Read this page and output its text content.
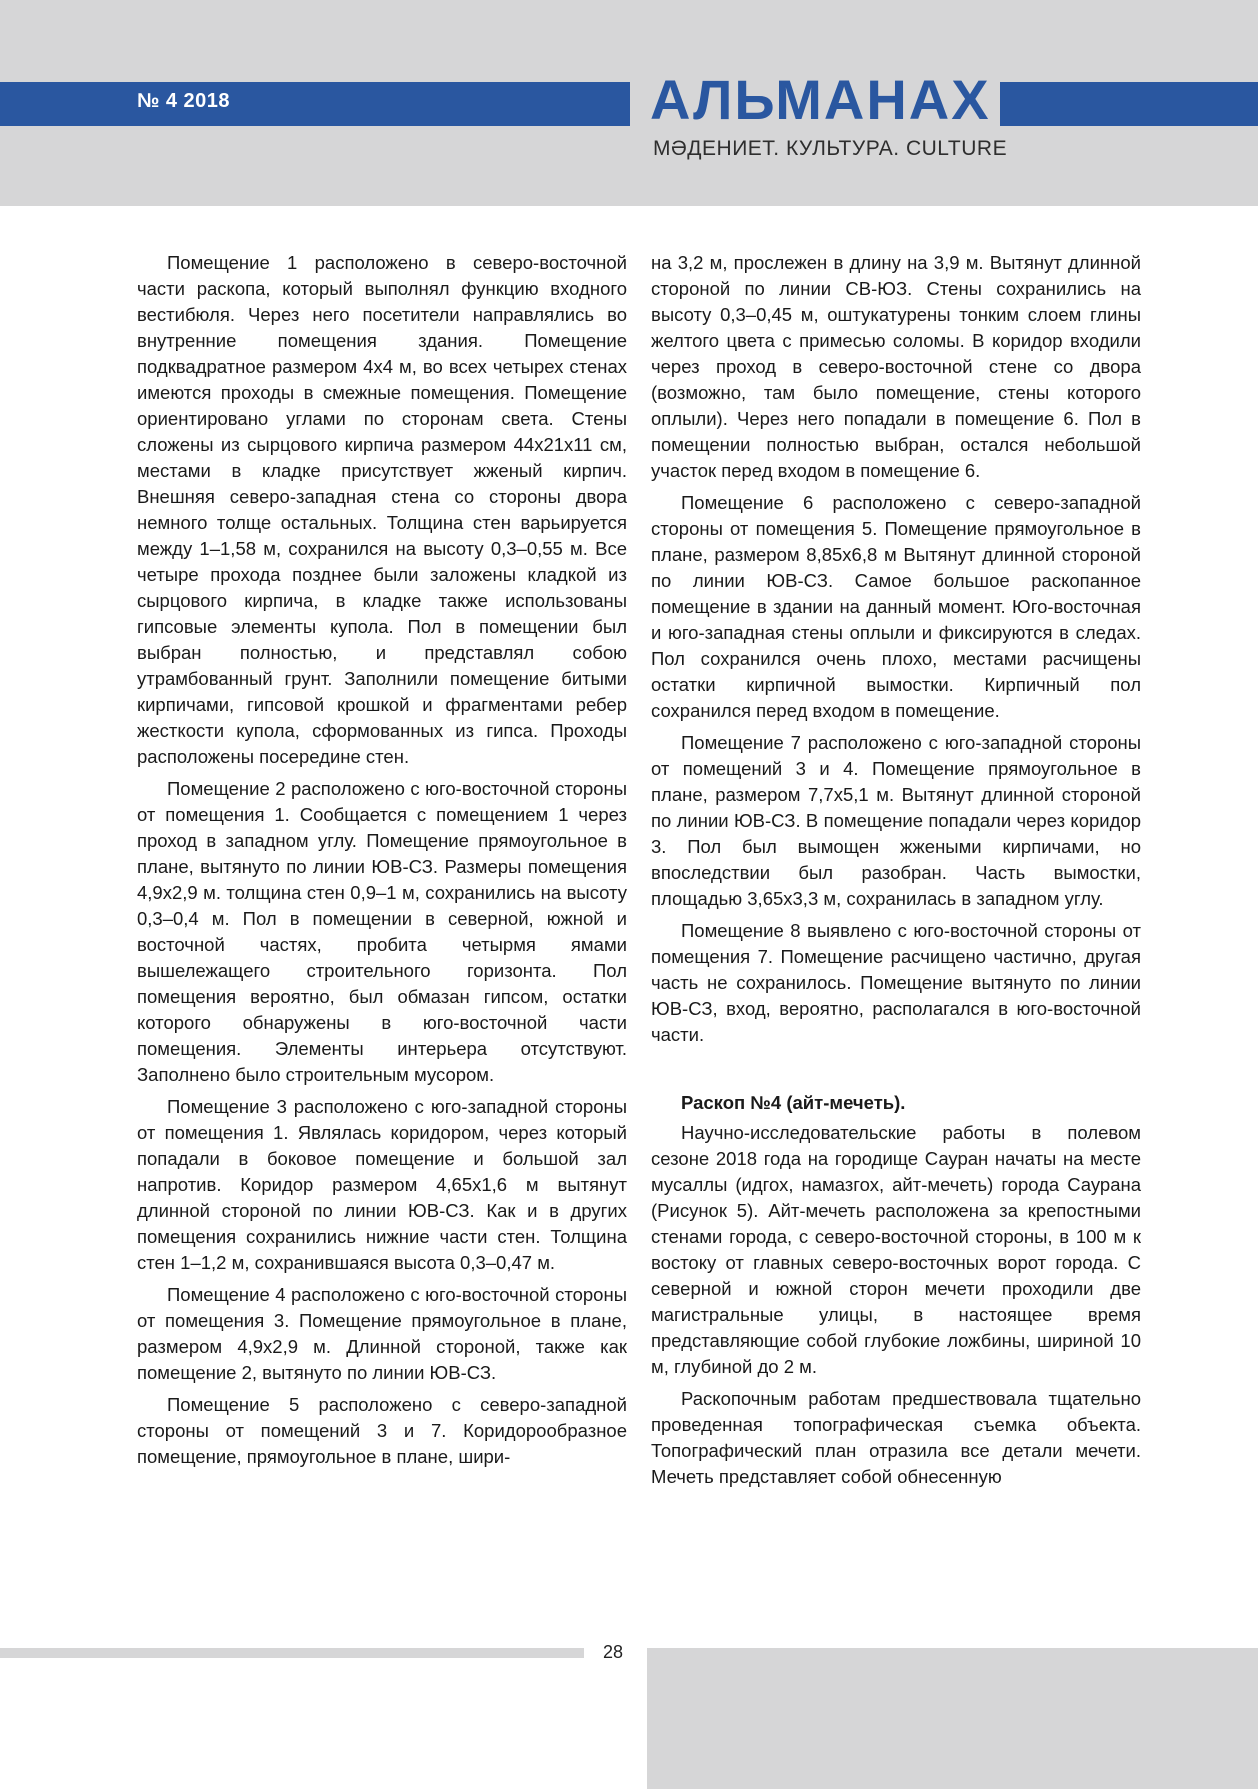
№ 4 2018	АЛЬМАНАХ
МӘДЕНИЕТ. КУЛЬТУРА. CULTURE

Помещение 1 расположено в северо-восточной части раскопа, который выполнял функцию входного вестибюля. Через него посетители направлялись во внутренние помещения здания. Помещение подквадратное размером 4х4 м, во всех четырех стенах имеются проходы в смежные помещения. Помещение ориентировано углами по сторонам света. Стены сложены из сырцового кирпича размером 44х21х11 см, местами в кладке присутствует жженый кирпич. Внешняя северо-западная стена со стороны двора немного толще остальных. Толщина стен варьируется между 1–1,58 м, сохранился на высоту 0,3–0,55 м. Все четыре прохода позднее были заложены кладкой из сырцового кирпича, в кладке также использованы гипсовые элементы купола. Пол в помещении был выбран полностью, и представлял собою утрамбованный грунт. Заполнили помещение битыми кирпичами, гипсовой крошкой и фрагментами ребер жесткости купола, сформованных из гипса. Проходы расположены посередине стен.

Помещение 2 расположено с юго-восточной стороны от помещения 1. Сообщается с помещением 1 через проход в западном углу. Помещение прямоугольное в плане, вытянуто по линии ЮВ-СЗ. Размеры помещения 4,9х2,9 м. толщина стен 0,9–1 м, сохранились на высоту 0,3–0,4 м. Пол в помещении в северной, южной и восточной частях, пробита четырмя ямами вышележащего строительного горизонта. Пол помещения вероятно, был обмазан гипсом, остатки которого обнаружены в юго-восточной части помещения. Элементы интерьера отсутствуют. Заполнено было строительным мусором.

Помещение 3 расположено с юго-западной стороны от помещения 1. Являлась коридором, через который попадали в боковое помещение и большой зал напротив. Коридор размером 4,65х1,6 м вытянут длинной стороной по линии ЮВ-СЗ. Как и в других помещения сохранились нижние части стен. Толщина стен 1–1,2 м, сохранившаяся высота 0,3–0,47 м.

Помещение 4 расположено с юго-восточной стороны от помещения 3. Помещение прямоугольное в плане, размером 4,9х2,9 м. Длинной стороной, также как помещение 2, вытянуто по линии ЮВ-СЗ.

Помещение 5 расположено с северо-западной стороны от помещений 3 и 7. Коридорообразное помещение, прямоугольное в плане, шири-

на 3,2 м, прослежен в длину на 3,9 м. Вытянут длинной стороной по линии СВ-ЮЗ. Стены сохранились на высоту 0,3–0,45 м, оштукатурены тонким слоем глины желтого цвета с примесью соломы. В коридор входили через проход в северо-восточной стене со двора (возможно, там было помещение, стены которого оплыли). Через него попадали в помещение 6. Пол в помещении полностью выбран, остался небольшой участок перед входом в помещение 6.

Помещение 6 расположено с северо-западной стороны от помещения 5. Помещение прямоугольное в плане, размером 8,85х6,8 м Вытянут длинной стороной по линии ЮВ-СЗ. Самое большое раскопанное помещение в здании на данный момент. Юго-восточная и юго-западная стены оплыли и фиксируются в следах. Пол сохранился очень плохо, местами расчищены остатки кирпичной вымостки. Кирпичный пол сохранился перед входом в помещение.

Помещение 7 расположено с юго-западной стороны от помещений 3 и 4. Помещение прямоугольное в плане, размером 7,7х5,1 м. Вытянут длинной стороной по линии ЮВ-СЗ. В помещение попадали через коридор 3. Пол был вымощен жжеными кирпичами, но впоследствии был разобран. Часть вымостки, площадью 3,65х3,3 м, сохранилась в западном углу.

Помещение 8 выявлено с юго-восточной стороны от помещения 7. Помещение расчищено частично, другая часть не сохранилось. Помещение вытянуто по линии ЮВ-СЗ, вход, вероятно, располагался в юго-восточной части.

Раскоп №4 (айт-мечеть).

Научно-исследовательские работы в полевом сезоне 2018 года на городище Сауран начаты на месте мусаллы (идгох, намазгох, айт-мечеть) города Саурана (Рисунок 5). Айт-мечеть расположена за крепостными стенами города, с северо-восточной стороны, в 100 м к востоку от главных северо-восточных ворот города. С северной и южной сторон мечети проходили две магистральные улицы, в настоящее время представляющие собой глубокие ложбины, шириной 10 м, глубиной до 2 м.

Раскопочным работам предшествовала тщательно проведенная топографическая съемка объекта. Топографический план отразила все детали мечети. Мечеть представляет собой обнесенную

28
